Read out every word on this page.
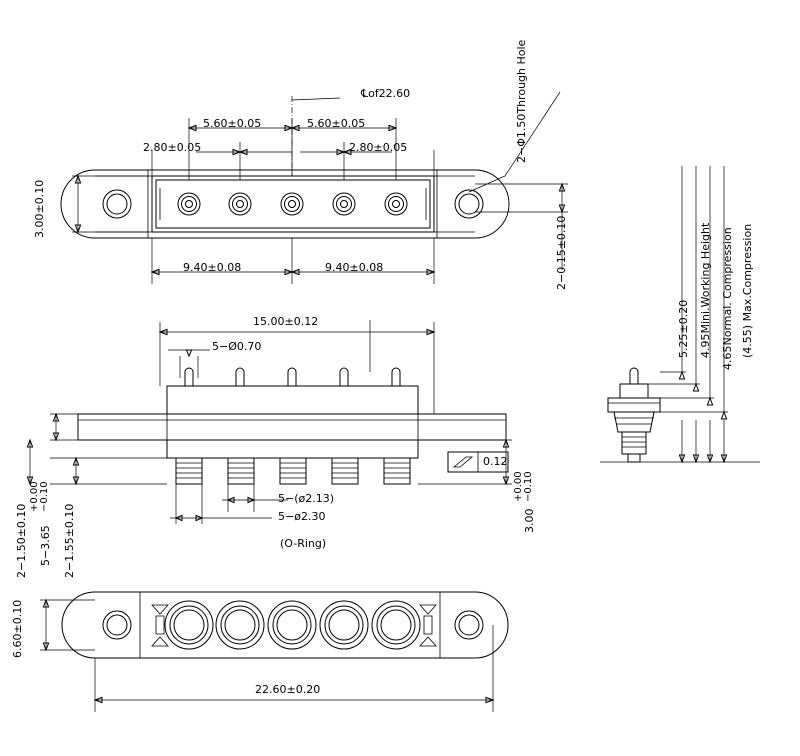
℄of22.60
5.60±0.05	5.60±0.05
2.80±0.05	2.80±0.05
9.40±0.08	9.40±0.08
3.00±0.10
2−Φ1.50Through Hole
2−0.15±0.10
15.00±0.12
5−Ø0.70
5−(ø2.13)
5−ø2.30
(O-Ring)
0.12
3.00
+0.00 −0.10
2−1.50±0.10 5−3.65
+0.00 −0.10
2−1.55±0.10
5.25±0.20 4.95Mini.Working Height 4.65Normal. Compression (4.55) Max.Compression
6.60±0.10
22.60±0.20
